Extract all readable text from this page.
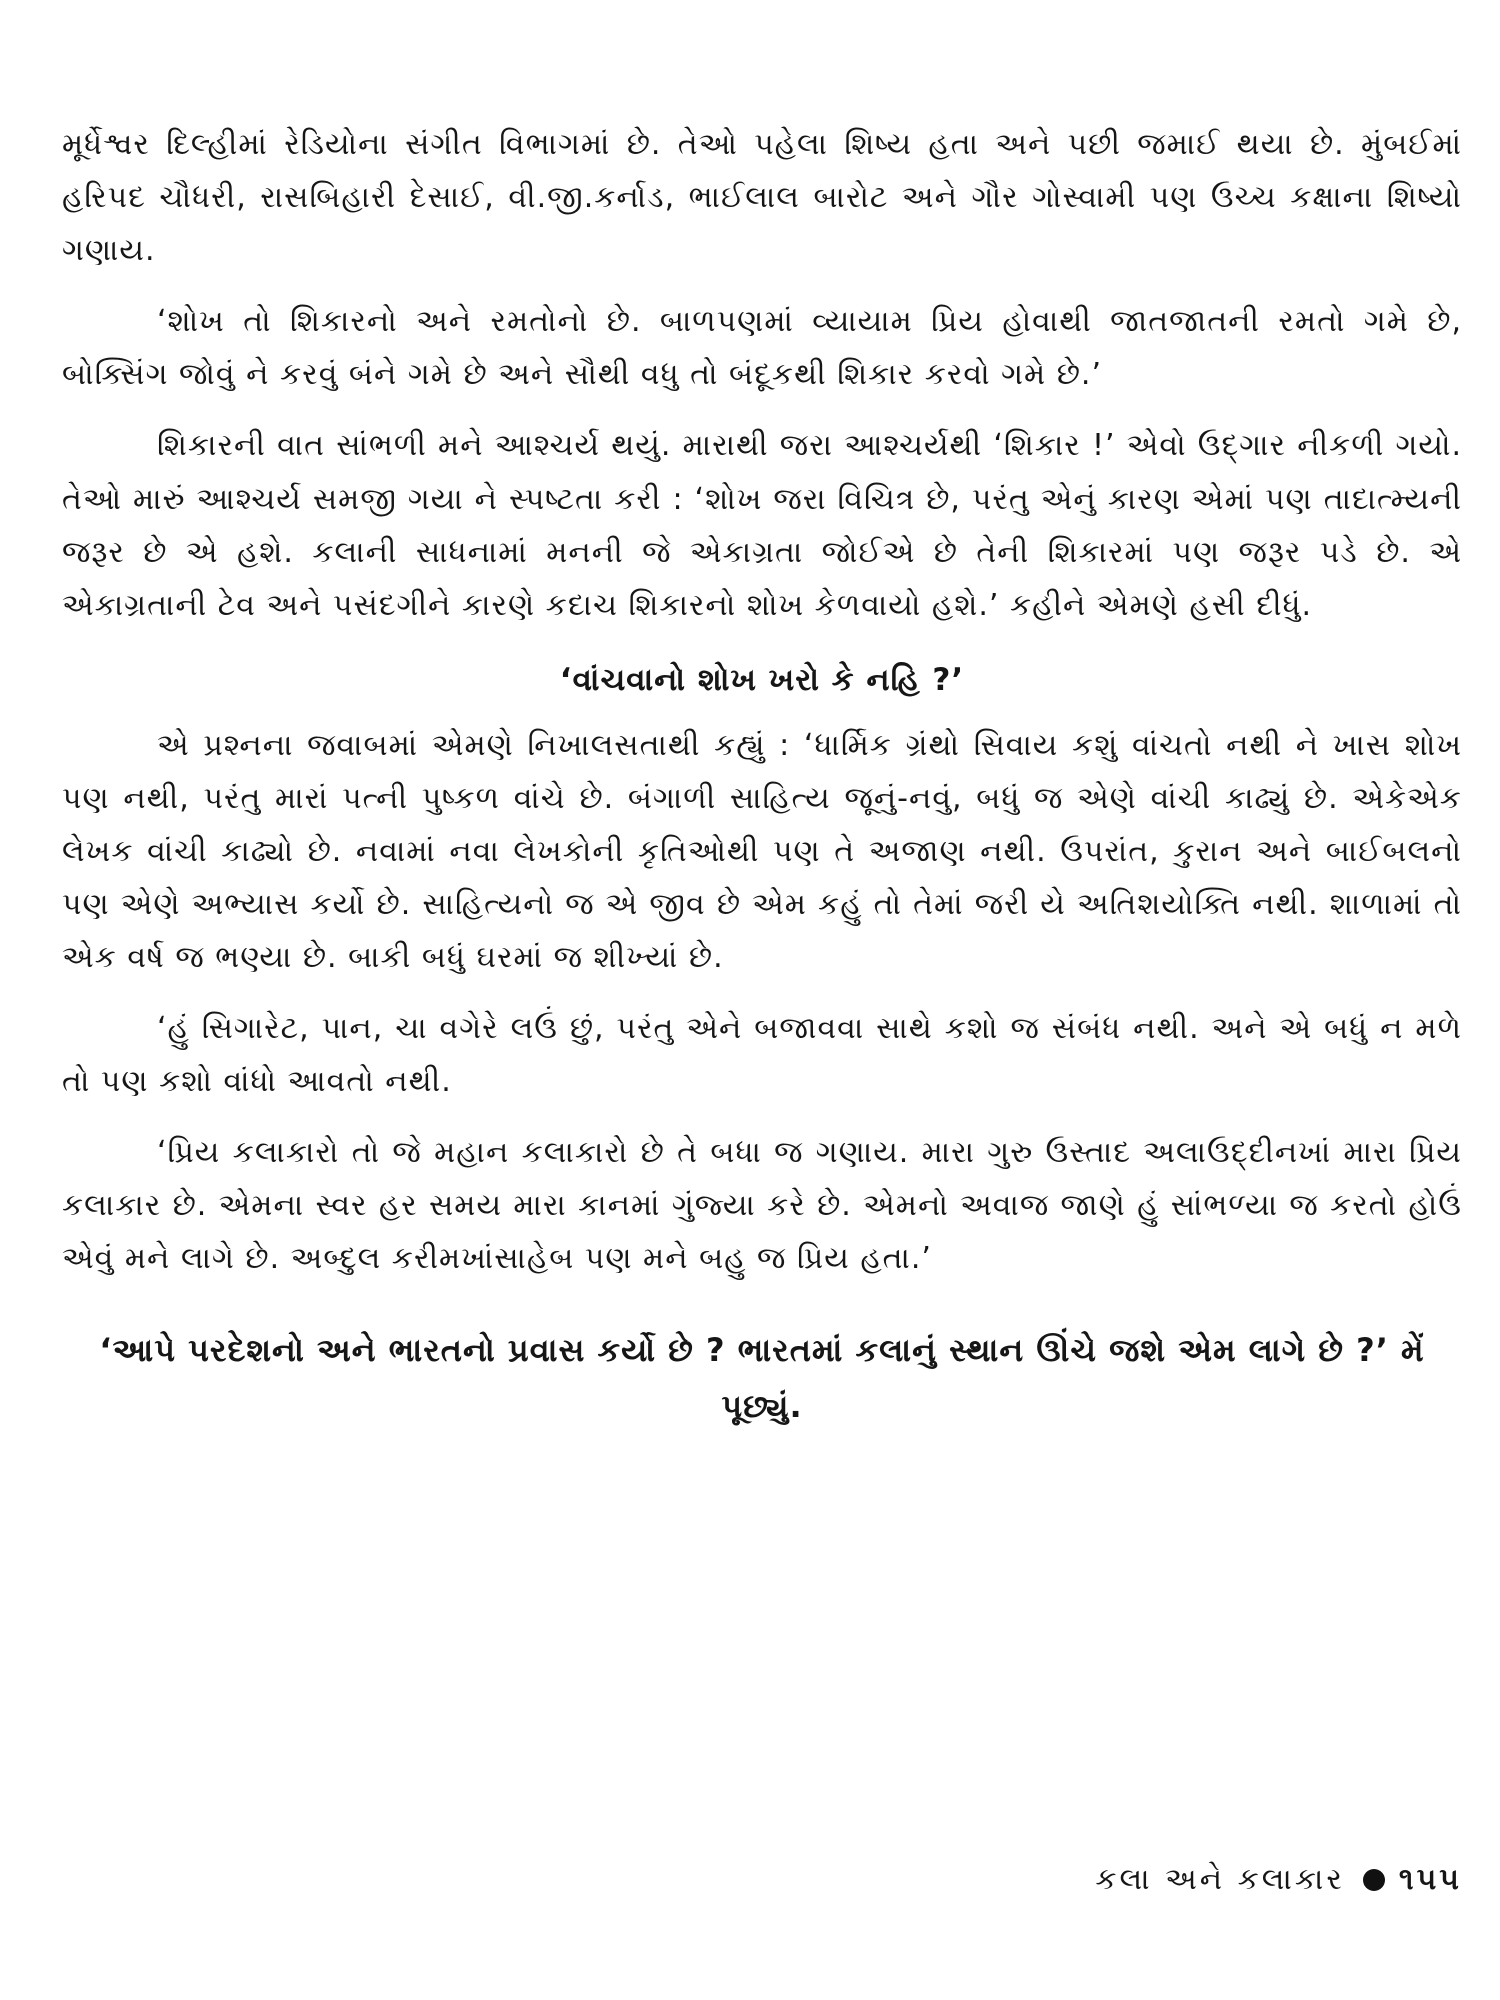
મૂર્ધેશ્વર દિલ્હીમાં રેડિયોના સંગીત વિભાગમાં છે. તેઓ પહેલા શિષ્ય હતા અને પછી જમાઈ થયા છે. મુંબઈમાં હરિપદ ચૌધરી, રાસબિહારી દેસાઈ, વી.જી.કર્નાડ, ભાઈલાલ બારોટ અને ગૌર ગોસ્વામી પણ ઉચ્ચ કક્ષાના શિષ્યો ગણાય.

‘શોખ તો શિકારનો અને રમતોનો છે. બાળપણમાં વ્યાયામ પ્રિય હોવાથી જાતજાતની રમતો ગમે છે, બોક્સિંગ જોવું ને કરવું બંને ગમે છે અને સૌથી વધુ તો બંદૂકથી શિકાર કરવો ગમે છે.’

શિકારની વાત સાંભળી મને આશ્ચર્ય થયું. મારાથી જરા આશ્ચર્યથી ‘શિકાર !’ એવો ઉદ્ગાર નીકળી ગયો. તેઓ મારું આશ્ચર્ય સમજી ગયા ને સ્પષ્ટતા કરી : ‘શોખ જરા વિચિત્ર છે, પરંતુ એનું કારણ એમાં પણ તાદાત્મ્યની જરૂર છે એ હશે. કલાની સાધનામાં મનની જે એકાગ્રતા જોઈએ છે તેની શિકારમાં પણ જરૂર પડે છે. એ એકાગ્રતાની ટેવ અને પસંદગીને કારણે કદાચ શિકારનો શોખ કેળવાયો હશે.’ કહીને એમણે હસી દીધું.

‘વાંચવાનો શોખ ખરો કે નહિ ?’

એ પ્રશ્નના જવાબમાં એમણે નિખાલસતાથી કહ્યું : ‘ધાર્મિક ગ્રંથો સિવાય કશું વાંચતો નથી ને ખાસ શોખ પણ નથી, પરંતુ મારાં પત્ની પુષ્કળ વાંચે છે. બંગાળી સાહિત્ય જૂનું-નવું, બધું જ એણે વાંચી કાઢ્યું છે. એકેએક લેખક વાંચી કાઢ્યો છે. નવામાં નવા લેખકોની કૃતિઓથી પણ તે અજાણ નથી. ઉપરાંત, કુરાન અને બાઈબલનો પણ એણે અભ્યાસ કર્યો છે. સાહિત્યનો જ એ જીવ છે એમ કહું તો તેમાં જરી યે અતિશયોક્તિ નથી. શાળામાં તો એક વર્ષ જ ભણ્યા છે. બાકી બધું ઘરમાં જ શીખ્યાં છે.

‘હું સિગારેટ, પાન, ચા વગેરે લઉં છું, પરંતુ એને બજાવવા સાથે કશો જ સંબંધ નથી. અને એ બધું ન મળે તો પણ કશો વાંધો આવતો નથી.

‘પ્રિય કલાકારો તો જે મહાન કલાકારો છે તે બધા જ ગણાય. મારા ગુરુ ઉસ્તાદ અલાઉદ્દીનખાં મારા પ્રિય કલાકાર છે. એમના સ્વર હર સમય મારા કાનમાં ગુંજ્યા કરે છે. એમનો અવાજ જાણે હું સાંભળ્યા જ કરતો હોઉં એવું મને લાગે છે. અબ્દુલ કરીમખાંસાહેબ પણ મને બહુ જ પ્રિય હતા.’

‘આપે પરદેશનો અને ભારતનો પ્રવાસ કર્યો છે ? ભારતમાં કલાનું સ્થાન ઊંચે જશે એમ લાગે છે ?’ મેં પૂછ્યું.
કલા અને કલાકાર ૧૫૫
